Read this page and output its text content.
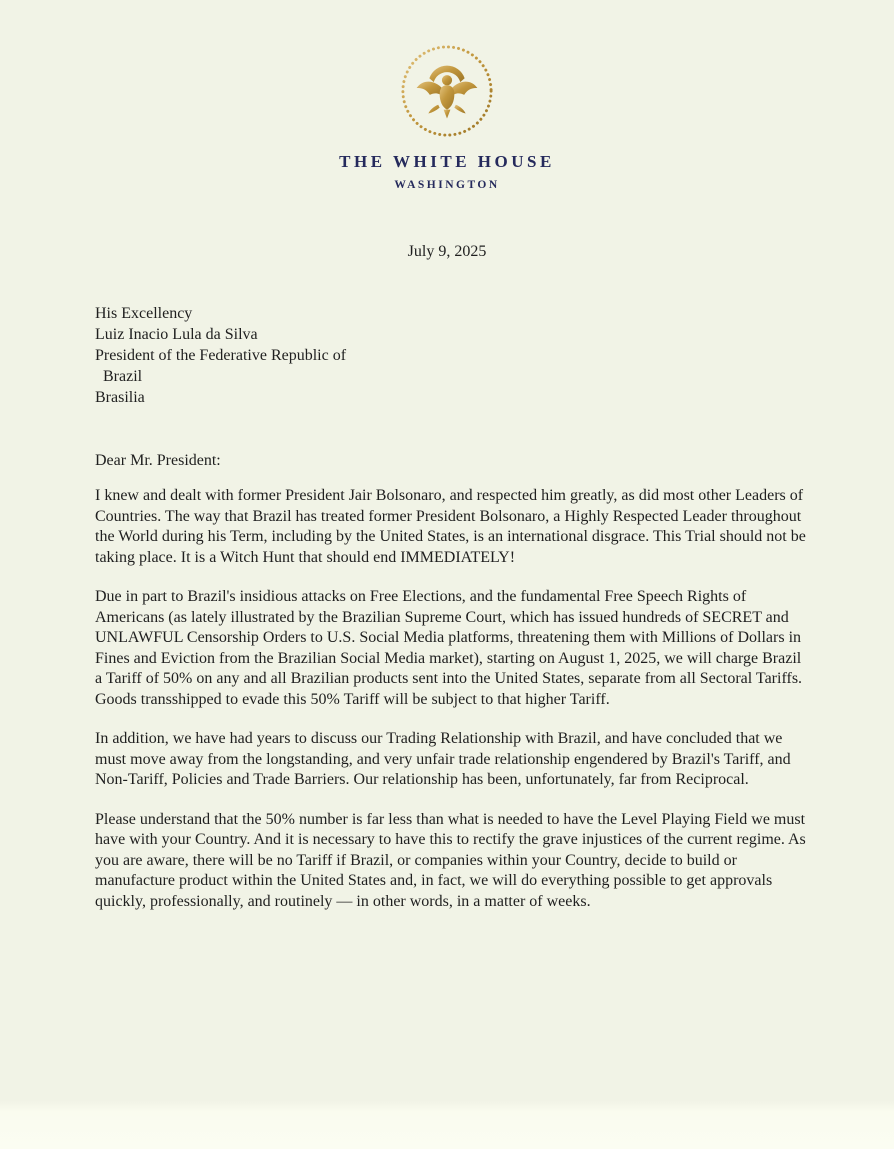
THE WHITE HOUSE
WASHINGTON
July 9, 2025
His Excellency
Luiz Inacio Lula da Silva
President of the Federative Republic of
Brazil
Brasilia
Dear Mr. President:

I knew and dealt with former President Jair Bolsonaro, and respected him greatly, as did most other Leaders of Countries. The way that Brazil has treated former President Bolsonaro, a Highly Respected Leader throughout the World during his Term, including by the United States, is an international disgrace. This Trial should not be taking place. It is a Witch Hunt that should end IMMEDIATELY!

Due in part to Brazil's insidious attacks on Free Elections, and the fundamental Free Speech Rights of Americans (as lately illustrated by the Brazilian Supreme Court, which has issued hundreds of SECRET and UNLAWFUL Censorship Orders to U.S. Social Media platforms, threatening them with Millions of Dollars in Fines and Eviction from the Brazilian Social Media market), starting on August 1, 2025, we will charge Brazil a Tariff of 50% on any and all Brazilian products sent into the United States, separate from all Sectoral Tariffs. Goods transshipped to evade this 50% Tariff will be subject to that higher Tariff.

In addition, we have had years to discuss our Trading Relationship with Brazil, and have concluded that we must move away from the longstanding, and very unfair trade relationship engendered by Brazil's Tariff, and Non-Tariff, Policies and Trade Barriers. Our relationship has been, unfortunately, far from Reciprocal.

Please understand that the 50% number is far less than what is needed to have the Level Playing Field we must have with your Country. And it is necessary to have this to rectify the grave injustices of the current regime. As you are aware, there will be no Tariff if Brazil, or companies within your Country, decide to build or manufacture product within the United States and, in fact, we will do everything possible to get approvals quickly, professionally, and routinely — in other words, in a matter of weeks.
